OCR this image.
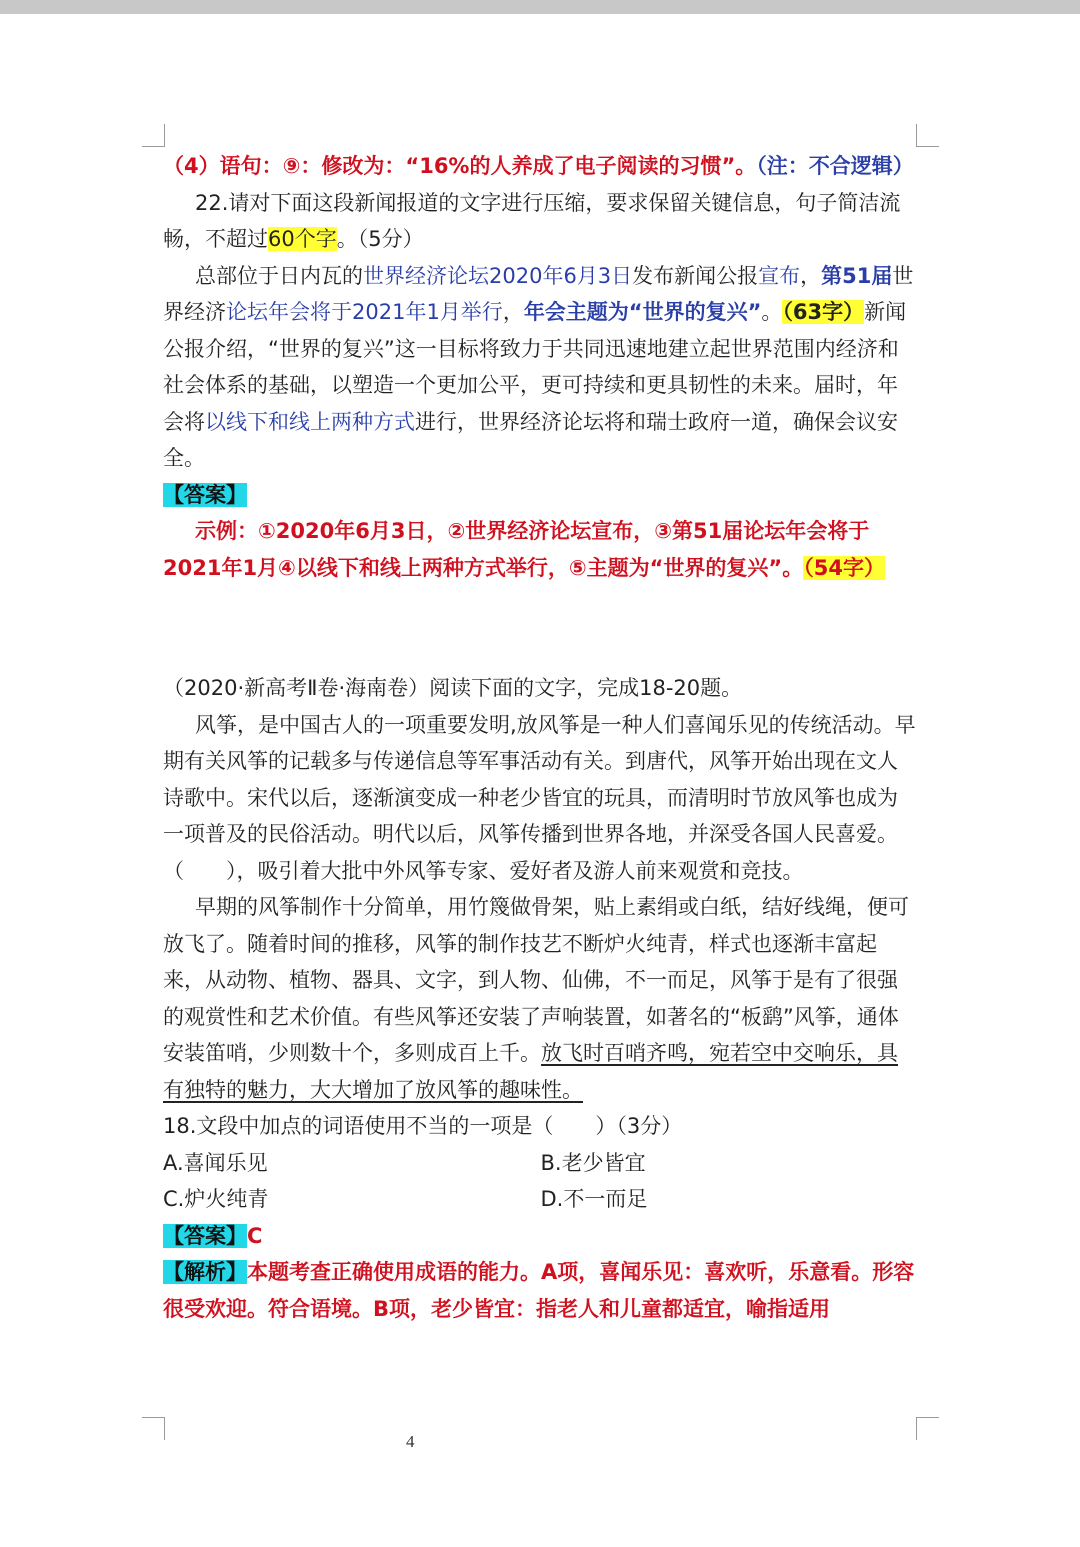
（4）语句：⑨：修改为：“16%的人养成了电子阅读的习惯”。（注：不合逻辑）

22.请对下面这段新闻报道的文字进行压缩，要求保留关键信息，句子简洁流畅，不超过60个字。（5分）

总部位于日内瓦的世界经济论坛2020年6月3日发布新闻公报宣布，第51届世界经济论坛年会将于2021年1月举行，年会主题为“世界的复兴”。（63字）新闻公报介绍，“世界的复兴”这一目标将致力于共同迅速地建立起世界范围内经济和社会体系的基础，以塑造一个更加公平，更可持续和更具韧性的未来。届时，年会将以线下和线上两种方式进行，世界经济论坛将和瑞士政府一道，确保会议安全。

【答案】

示例：①2020年6月3日，②世界经济论坛宣布，③第51届论坛年会将于2021年1月④以线下和线上两种方式举行，⑤主题为“世界的复兴”。（54字）

（2020·新高考Ⅱ卷·海南卷）阅读下面的文字，完成18-20题。

风筝，是中国古人的一项重要发明,放风筝是一种人们喜闻乐见的传统活动。早期有关风筝的记载多与传递信息等军事活动有关。到唐代，风筝开始出现在文人诗歌中。宋代以后，逐渐演变成一种老少皆宜的玩具，而清明时节放风筝也成为一项普及的民俗活动。明代以后，风筝传播到世界各地，并深受各国人民喜爱。（　　），吸引着大批中外风筝专家、爱好者及游人前来观赏和竞技。

早期的风筝制作十分简单，用竹篾做骨架，贴上素绢或白纸，结好线绳，便可放飞了。随着时间的推移，风筝的制作技艺不断炉火纯青，样式也逐渐丰富起来，从动物、植物、器具、文字，到人物、仙佛，不一而足，风筝于是有了很强的观赏性和艺术价值。有些风筝还安装了声响装置，如著名的“板鹞”风筝，通体安装笛哨，少则数十个，多则成百上千。放飞时百哨齐鸣，宛若空中交响乐，具有独特的魅力，大大增加了放风筝的趣味性。

18.文段中加点的词语使用不当的一项是（　　）（3分）

A.喜闻乐见	B.老少皆宜
C.炉火纯青	D.不一而足

【答案】C

【解析】本题考查正确使用成语的能力。A项，喜闻乐见：喜欢听，乐意看。形容很受欢迎。符合语境。B项，老少皆宜：指老人和儿童都适宜，喻指适用

4
